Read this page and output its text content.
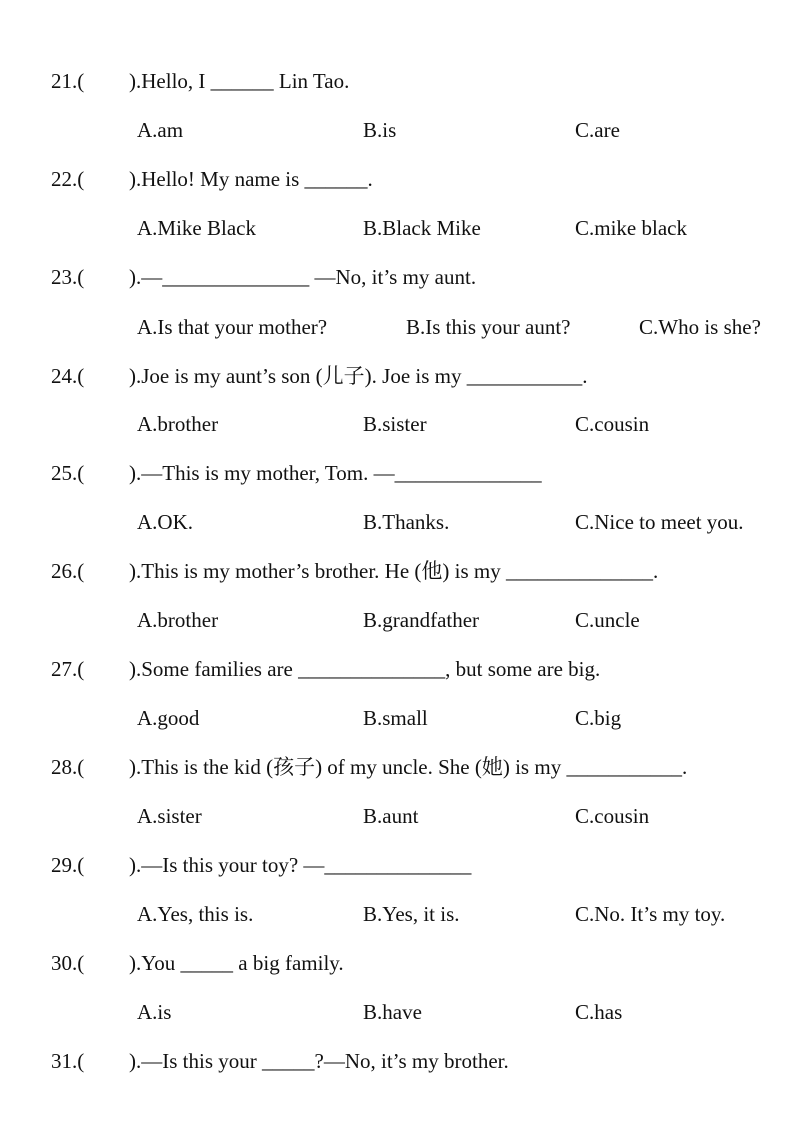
21.( ).Hello, I ______ Lin Tao.
A.am	B.is	C.are
22.( ).Hello! My name is ______.
A.Mike Black	B.Black Mike	C.mike black
23.( ).—______________ —No, it’s my aunt.
A.Is that your mother?	B.Is this your aunt?	C.Who is she?
24.( ).Joe is my aunt’s son (儿子). Joe is my ___________.
A.brother	B.sister	C.cousin
25.( ).—This is my mother, Tom. —______________
A.OK.	B.Thanks.	C.Nice to meet you.
26.( ).This is my mother’s brother. He (他) is my ______________.
A.brother	B.grandfather	C.uncle
27.( ).Some families are ______________, but some are big.
A.good	B.small	C.big
28.( ).This is the kid (孩子) of my uncle. She (她) is my ___________.
A.sister	B.aunt	C.cousin
29.( ).—Is this your toy? —______________
A.Yes, this is.	B.Yes, it is.	C.No. It’s my toy.
30.( ).You _____ a big family.
A.is	B.have	C.has
31.( ).—Is this your _____?—No, it’s my brother.
